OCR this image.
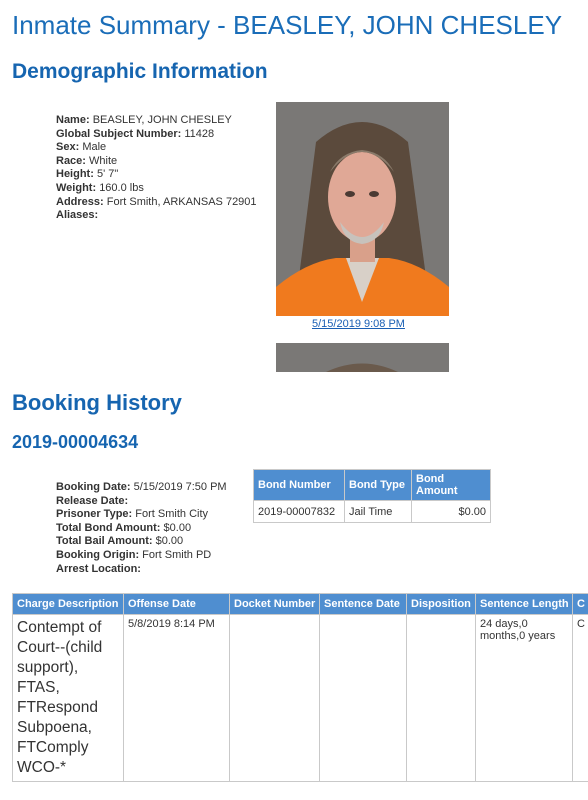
Inmate Summary - BEASLEY, JOHN CHESLEY
Demographic Information
Name: BEASLEY, JOHN CHESLEY
Global Subject Number: 11428
Sex: Male
Race: White
Height: 5' 7"
Weight: 160.0 lbs
Address: Fort Smith, ARKANSAS 72901
Aliases:
5/15/2019 9:08 PM
Booking History
2019-00004634
Booking Date: 5/15/2019 7:50 PM
Release Date:
Prisoner Type: Fort Smith City
Total Bond Amount: $0.00
Total Bail Amount: $0.00
Booking Origin: Fort Smith PD
Arrest Location:
Bond Number	Bond Type	Bond Amount
2019-00007832	Jail Time	$0.00
Charge Description	Offense Date	Docket Number	Sentence Date	Disposition	Sentence Length	C
Contempt of Court--(child support), FTAS, FTRespond Subpoena, FTComply WCO-*	5/8/2019 8:14 PM				24 days,0 months,0 years	C
